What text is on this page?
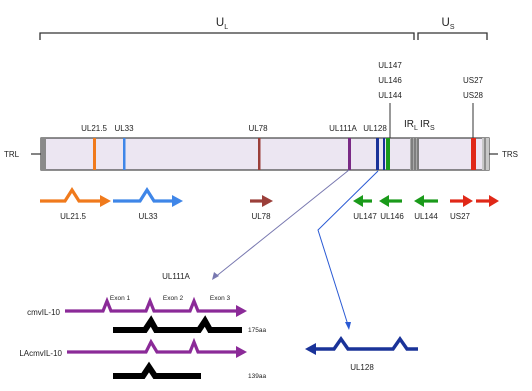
$U_L$	$U_S$
TRL	TRS
UL21.5 UL33	UL78	UL111A UL128
UL147
UL146
UL144
US27
US28
$IR_L$ $IR_S$
UL21.5	UL33	UL78	UL147 UL146 UL144 US27
UL111A
cmvIL-10
Exon 1	Exon 2	Exon 3
175aa
LAcmvIL-10
139aa
UL128
